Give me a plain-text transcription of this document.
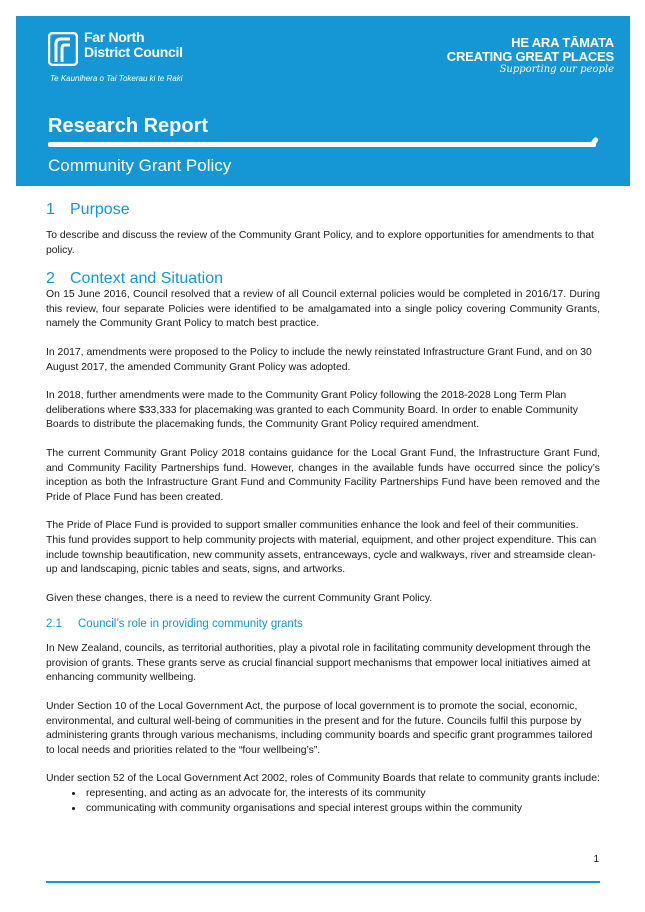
Far North
District Council
Te Kaunihera o Tai Tokerau ki te Raki
HE ARA TĀMATA
CREATING GREAT PLACES
Supporting our people
Research Report
Community Grant Policy
1 Purpose

To describe and discuss the review of the Community Grant Policy, and to explore opportunities for amendments to that policy.

2 Context and Situation

On 15 June 2016, Council resolved that a review of all Council external policies would be completed in 2016/17. During this review, four separate Policies were identified to be amalgamated into a single policy covering Community Grants, namely the Community Grant Policy to match best practice.

In 2017, amendments were proposed to the Policy to include the newly reinstated Infrastructure Grant Fund, and on 30 August 2017, the amended Community Grant Policy was adopted.

In 2018, further amendments were made to the Community Grant Policy following the 2018-2028 Long Term Plan deliberations where $33,333 for placemaking was granted to each Community Board. In order to enable Community Boards to distribute the placemaking funds, the Community Grant Policy required amendment.

The current Community Grant Policy 2018 contains guidance for the Local Grant Fund, the Infrastructure Grant Fund, and Community Facility Partnerships fund. However, changes in the available funds have occurred since the policy’s inception as both the Infrastructure Grant Fund and Community Facility Partnerships Fund have been removed and the Pride of Place Fund has been created.

The Pride of Place Fund is provided to support smaller communities enhance the look and feel of their communities. This fund provides support to help community projects with material, equipment, and other project expenditure. This can include township beautification, new community assets, entranceways, cycle and walkways, river and streamside clean-up and landscaping, picnic tables and seats, signs, and artworks.

Given these changes, there is a need to review the current Community Grant Policy.

2.1 Council’s role in providing community grants

In New Zealand, councils, as territorial authorities, play a pivotal role in facilitating community development through the provision of grants. These grants serve as crucial financial support mechanisms that empower local initiatives aimed at enhancing community wellbeing.

Under Section 10 of the Local Government Act, the purpose of local government is to promote the social, economic, environmental, and cultural well-being of communities in the present and for the future. Councils fulfil this purpose by administering grants through various mechanisms, including community boards and specific grant programmes tailored to local needs and priorities related to the “four wellbeing’s”.

Under section 52 of the Local Government Act 2002, roles of Community Boards that relate to community grants include:

• representing, and acting as an advocate for, the interests of its community
• communicating with community organisations and special interest groups within the community
1
